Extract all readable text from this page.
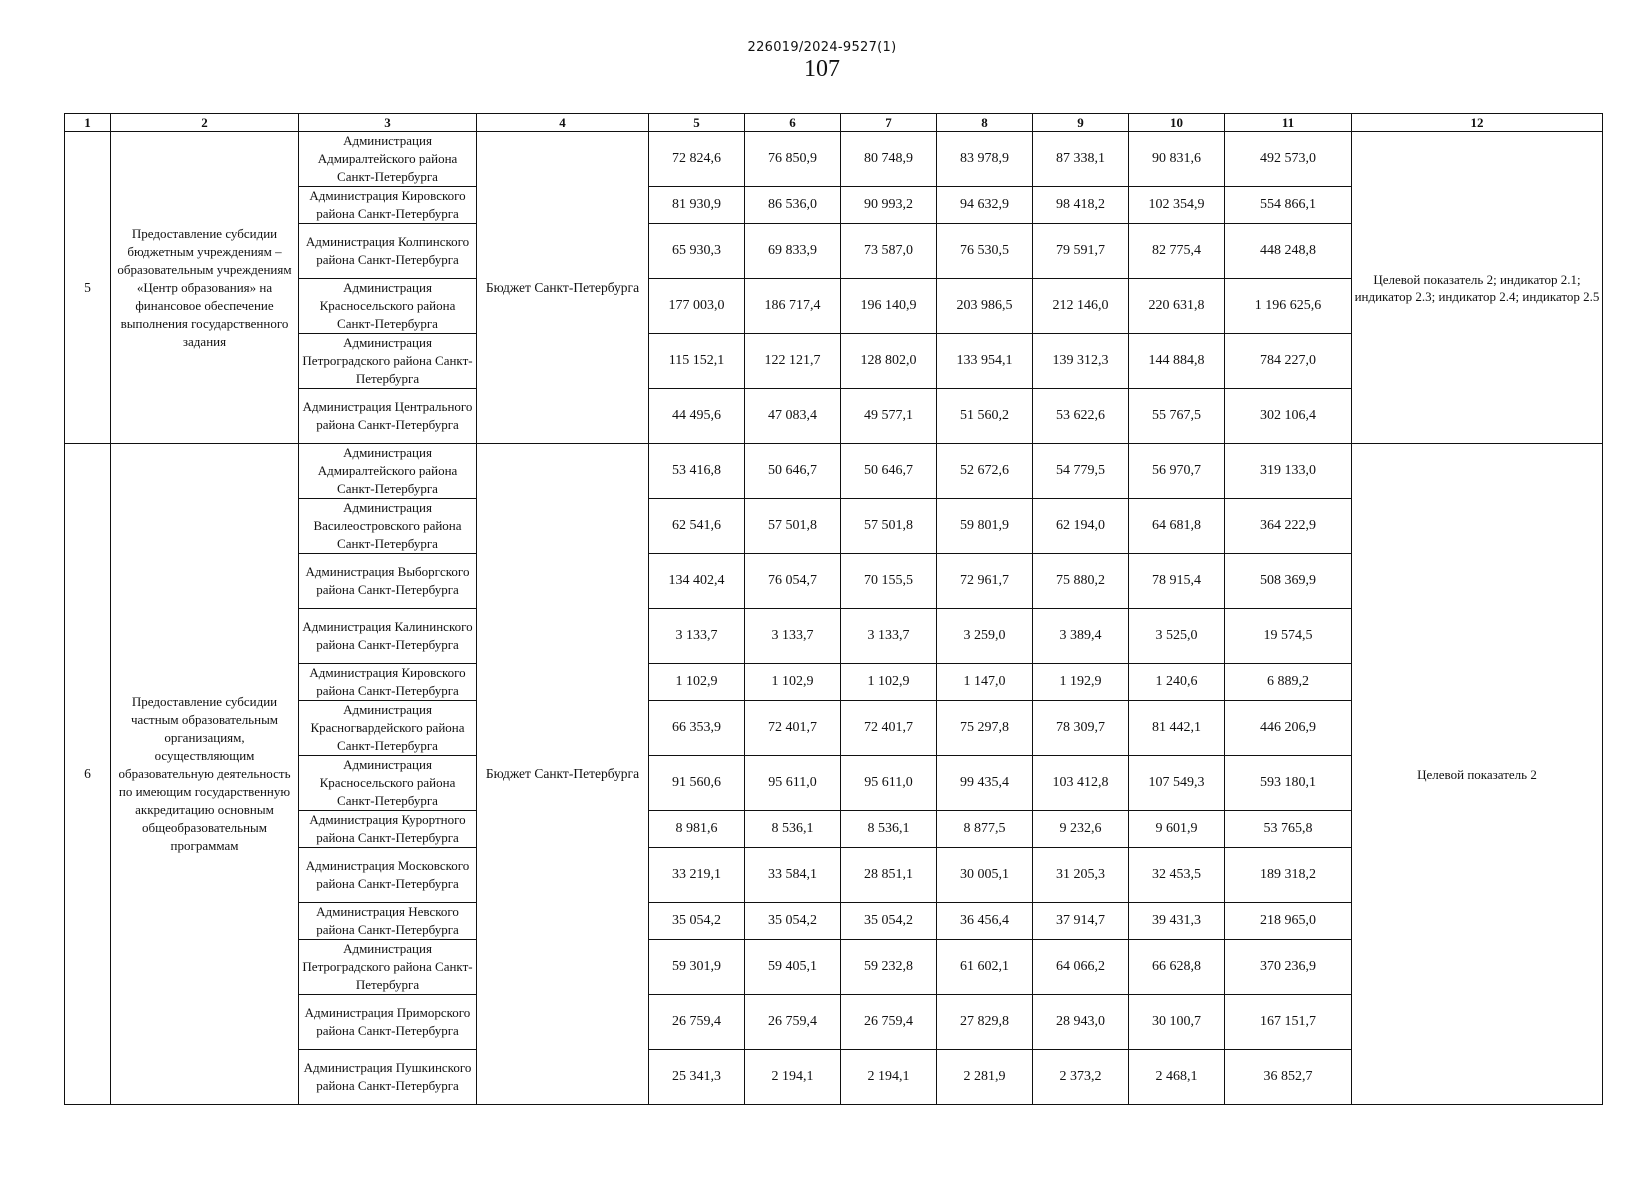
226019/2024-9527(1)
107
1	2	3	4	5	6	7	8	9	10	11	12
5	Предоставление субсидии бюджетным учреждениям – образовательным учреждениям «Центр образования» на финансовое обеспечение выполнения государственного задания	Администрация Адмиралтейского района Санкт-Петербурга	Бюджет Санкт-Петербурга	72 824,6	76 850,9	80 748,9	83 978,9	87 338,1	90 831,6	492 573,0	Целевой показатель 2; индикатор 2.1; индикатор 2.3; индикатор 2.4; индикатор 2.5
		Администрация Кировского района Санкт-Петербурга		81 930,9	86 536,0	90 993,2	94 632,9	98 418,2	102 354,9	554 866,1	
		Администрация Колпинского района Санкт-Петербурга		65 930,3	69 833,9	73 587,0	76 530,5	79 591,7	82 775,4	448 248,8	
		Администрация Красносельского района Санкт-Петербурга		177 003,0	186 717,4	196 140,9	203 986,5	212 146,0	220 631,8	1 196 625,6	
		Администрация Петроградского района Санкт-Петербурга		115 152,1	122 121,7	128 802,0	133 954,1	139 312,3	144 884,8	784 227,0	
		Администрация Центрального района Санкт-Петербурга		44 495,6	47 083,4	49 577,1	51 560,2	53 622,6	55 767,5	302 106,4	
6	Предоставление субсидии частным образовательным организациям, осуществляющим образовательную деятельность по имеющим государственную аккредитацию основным общеобразовательным программам	Администрация Адмиралтейского района Санкт-Петербурга	Бюджет Санкт-Петербурга	53 416,8	50 646,7	50 646,7	52 672,6	54 779,5	56 970,7	319 133,0	Целевой показатель 2
		Администрация Василеостровского района Санкт-Петербурга		62 541,6	57 501,8	57 501,8	59 801,9	62 194,0	64 681,8	364 222,9	
		Администрация Выборгского района Санкт-Петербурга		134 402,4	76 054,7	70 155,5	72 961,7	75 880,2	78 915,4	508 369,9	
		Администрация Калининского района Санкт-Петербурга		3 133,7	3 133,7	3 133,7	3 259,0	3 389,4	3 525,0	19 574,5	
		Администрация Кировского района Санкт-Петербурга		1 102,9	1 102,9	1 102,9	1 147,0	1 192,9	1 240,6	6 889,2	
		Администрация Красногвардейского района Санкт-Петербурга		66 353,9	72 401,7	72 401,7	75 297,8	78 309,7	81 442,1	446 206,9	
		Администрация Красносельского района Санкт-Петербурга		91 560,6	95 611,0	95 611,0	99 435,4	103 412,8	107 549,3	593 180,1	
		Администрация Курортного района Санкт-Петербурга		8 981,6	8 536,1	8 536,1	8 877,5	9 232,6	9 601,9	53 765,8	
		Администрация Московского района Санкт-Петербурга		33 219,1	33 584,1	28 851,1	30 005,1	31 205,3	32 453,5	189 318,2	
		Администрация Невского района Санкт-Петербурга		35 054,2	35 054,2	35 054,2	36 456,4	37 914,7	39 431,3	218 965,0	
		Администрация Петроградского района Санкт-Петербурга		59 301,9	59 405,1	59 232,8	61 602,1	64 066,2	66 628,8	370 236,9	
		Администрация Приморского района Санкт-Петербурга		26 759,4	26 759,4	26 759,4	27 829,8	28 943,0	30 100,7	167 151,7	
		Администрация Пушкинского района Санкт-Петербурга		25 341,3	2 194,1	2 194,1	2 281,9	2 373,2	2 468,1	36 852,7	
